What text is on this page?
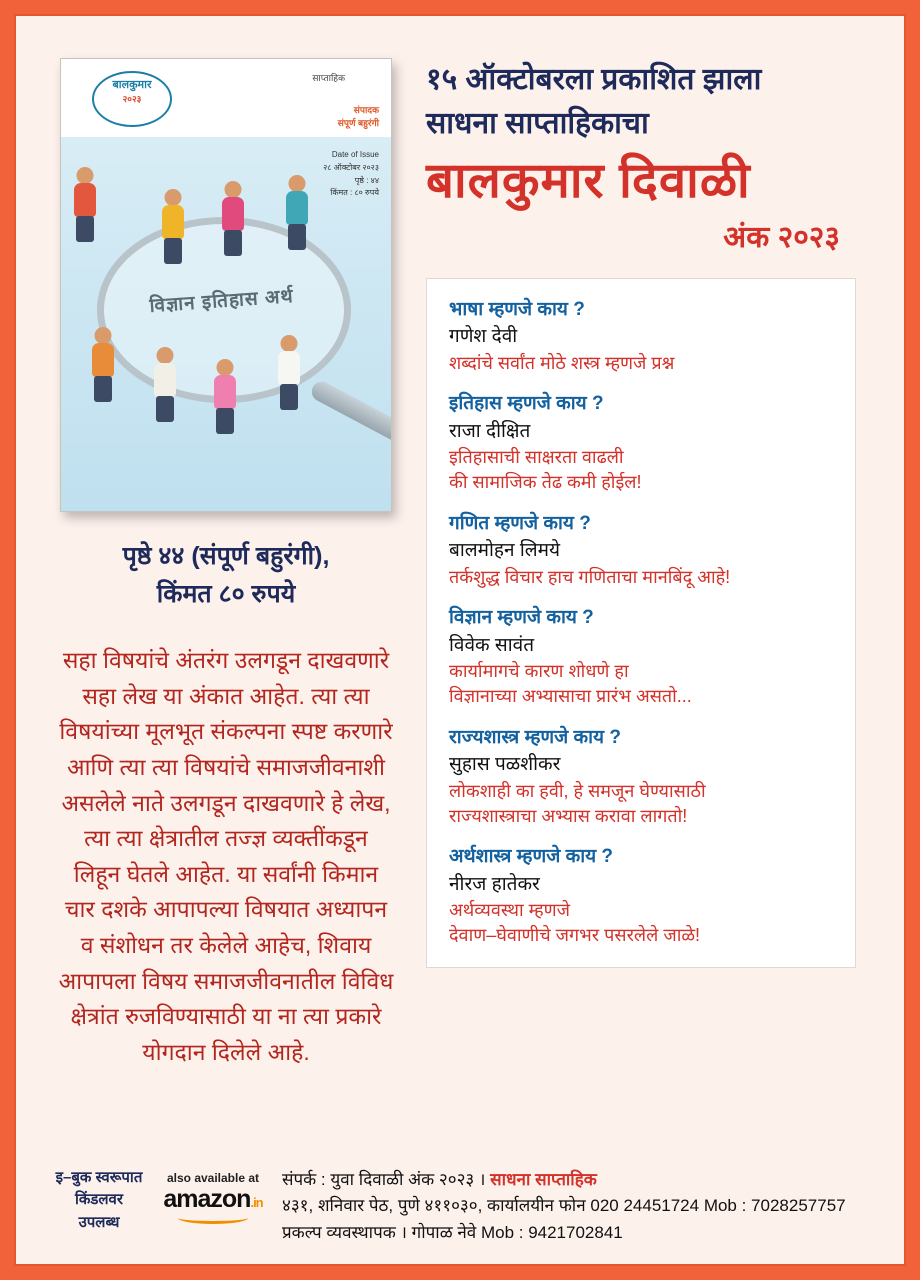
बालकुमार
२०२३
साप्ताहिक
संपादक
संपूर्ण बहुरंगी
Date of Issue
२८ ऑक्टोबर २०२३
पृष्ठे : ४४
किंमत : ८० रुपये
विज्ञान इतिहास अर्थ
पृष्ठे ४४ (संपूर्ण बहुरंगी),
किंमत ८० रुपये
सहा विषयांचे अंतरंग उलगडून दाखवणारे सहा लेख या अंकात आहेत. त्या त्या विषयांच्या मूलभूत संकल्पना स्पष्ट करणारे आणि त्या त्या विषयांचे समाजजीवनाशी असलेले नाते उलगडून दाखवणारे हे लेख, त्या त्या क्षेत्रातील तज्ज्ञ व्यक्तींकडून लिहून घेतले आहेत. या सर्वांनी किमान चार दशके आपापल्या विषयात अध्यापन व संशोधन तर केलेले आहेच, शिवाय आपापला विषय समाजजीवनातील विविध क्षेत्रांत रुजविण्यासाठी या ना त्या प्रकारे योगदान दिलेले आहे.
१५ ऑक्टोबरला प्रकाशित झाला
साधना साप्ताहिकाचा
बालकुमार दिवाळी
अंक २०२३
भाषा म्हणजे काय ?
गणेश देवी
शब्दांचे सर्वांत मोठे शस्त्र म्हणजे प्रश्न
इतिहास म्हणजे काय ?
राजा दीक्षित
इतिहासाची साक्षरता वाढली
की सामाजिक तेढ कमी होईल!
गणित म्हणजे काय ?
बालमोहन लिमये
तर्कशुद्ध विचार हाच गणिताचा मानबिंदू आहे!
विज्ञान म्हणजे काय ?
विवेक सावंत
कार्यामागचे कारण शोधणे हा
विज्ञानाच्या अभ्यासाचा प्रारंभ असतो...
राज्यशास्त्र म्हणजे काय ?
सुहास पळशीकर
लोकशाही का हवी, हे समजून घेण्यासाठी
राज्यशास्त्राचा अभ्यास करावा लागतो!
अर्थशास्त्र म्हणजे काय ?
नीरज हातेकर
अर्थव्यवस्था म्हणजे
देवाण–घेवाणीचे जगभर पसरलेले जाळे!
इ–बुक स्वरूपात
किंडलवर
उपलब्ध
also available at
amazon.in
संपर्क : युवा दिवाळी अंक २०२३ । साधना साप्ताहिक
४३१, शनिवार पेठ, पुणे ४११०३०, कार्यालयीन फोन 020 24451724 Mob : 7028257757
प्रकल्प व्यवस्थापक । गोपाळ नेवे Mob : 9421702841
